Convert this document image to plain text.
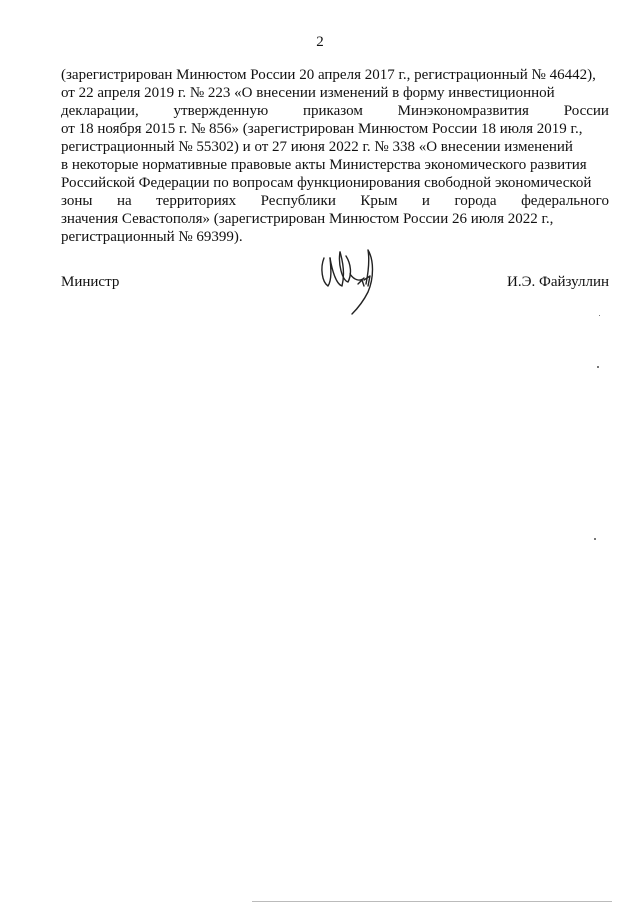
2
(зарегистрирован Минюстом России 20 апреля 2017 г., регистрационный № 46442),
от 22 апреля 2019 г. № 223 «О внесении изменений в форму инвестиционной
декларации, утвержденную приказом Минэкономразвития России
от 18 ноября 2015 г. № 856» (зарегистрирован Минюстом России 18 июля 2019 г.,
регистрационный № 55302) и от 27 июня 2022 г. № 338 «О внесении изменений
в некоторые нормативные правовые акты Министерства экономического развития
Российской Федерации по вопросам функционирования свободной экономической
зоны на территориях Республики Крым и города федерального
значения Севастополя» (зарегистрирован Минюстом России 26 июля 2022 г.,
регистрационный № 69399).
Министр	И.Э. Файзуллин
